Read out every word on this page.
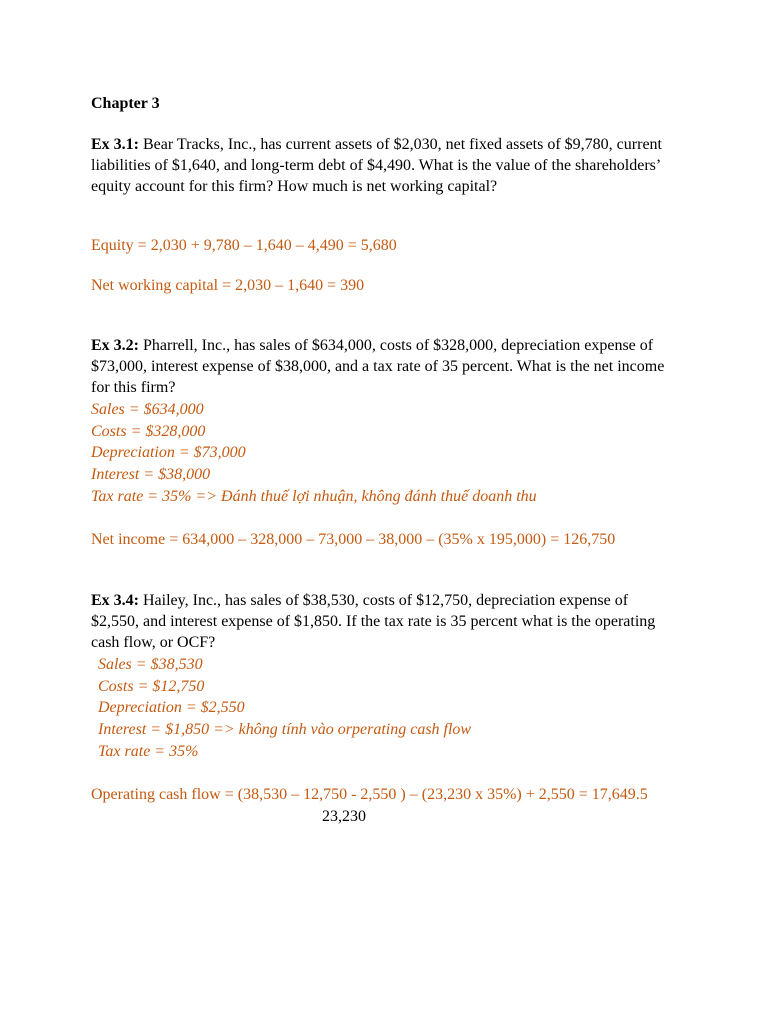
Chapter 3
Ex 3.1: Bear Tracks, Inc., has current assets of $2,030, net fixed assets of $9,780, current
liabilities of $1,640, and long-term debt of $4,490. What is the value of the shareholders’
equity account for this firm? How much is net working capital?
Equity = 2,030 + 9,780 – 1,640 – 4,490 = 5,680
Net working capital = 2,030 – 1,640 = 390
Ex 3.2: Pharrell, Inc., has sales of $634,000, costs of $328,000, depreciation expense of
$73,000, interest expense of $38,000, and a tax rate of 35 percent. What is the net income
for this firm?
Sales = $634,000
Costs = $328,000
Depreciation = $73,000
Interest = $38,000
Tax rate = 35% => Đánh thuế lợi nhuận, không đánh thuế doanh thu
Net income = 634,000 – 328,000 – 73,000 – 38,000 – (35% x 195,000) = 126,750
Ex 3.4: Hailey, Inc., has sales of $38,530, costs of $12,750, depreciation expense of
$2,550, and interest expense of $1,850. If the tax rate is 35 percent what is the operating
cash flow, or OCF?
Sales = $38,530
Costs = $12,750
Depreciation = $2,550
Interest = $1,850 => không tính vào orperating cash flow
Tax rate = 35%
Operating cash flow = (38,530 – 12,750 - 2,550 ) – (23,230 x 35%) + 2,550 = 17,649.5
23,230
